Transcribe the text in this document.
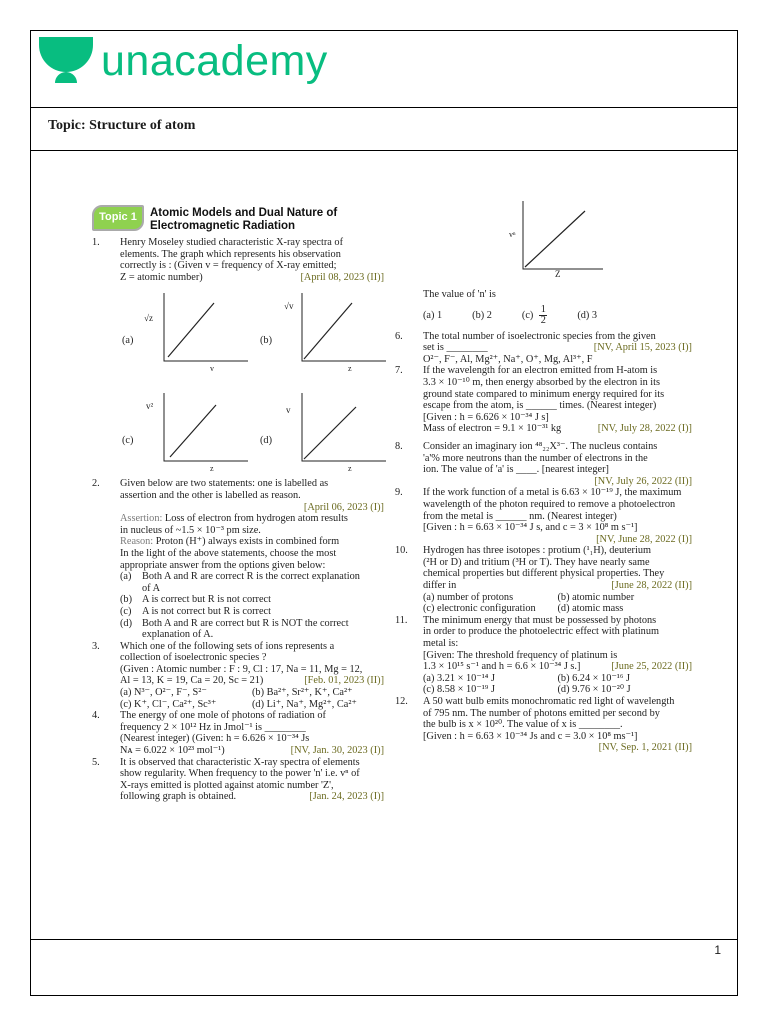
unacademy
Topic: Structure of atom
1
Topic 1	Atomic Models and Dual Nature of
Electromagnetic Radiation
1.	Henry Moseley studied characteristic X-ray spectra of
elements. The graph which represents his observation
correctly is : (Given v = frequency of X-ray emitted;
Z = atomic number)	[April 08, 2023 (II)]
(a)
√z
v
(b)
√v
z
(c)
v²
z
(d)
v
z
2.	Given below are two statements: one is labelled as
assertion and the other is labelled as reason.
[April 06, 2023 (I)]
Assertion: Loss of electron from hydrogen atom results
in nucleus of ~1.5 × 10⁻³ pm size.
Reason: Proton (H⁺) always exists in combined form
In the light of the above statements, choose the most
appropriate answer from the options given below:
(a)	Both A and R are correct R is the correct explanation
of A
(b) A is correct but R is not correct
(c)	A is not correct but R is correct
(d) Both A and R are correct but R is NOT the correct
explanation of A.
3.	Which one of the following sets of ions represents a
collection of isoelectronic species ?
(Given : Atomic number : F : 9, Cl : 17, Na = 11, Mg = 12,
Al = 13, K = 19, Ca = 20, Sc = 21)	[Feb. 01, 2023 (II)]
(a) N³⁻, O²⁻, F⁻, S²⁻	(b) Ba²⁺, Sr²⁺, K⁺, Ca²⁺
(c) K⁺, Cl⁻, Ca²⁺, Sc³⁺	(d) Li⁺, Na⁺, Mg²⁺, Ca²⁺
4.	The energy of one mole of photons of radiation of
frequency 2 × 10¹² Hz in Jmol⁻¹ is ________
(Nearest integer) (Given: h = 6.626 × 10⁻³⁴ Js
Nᴀ = 6.022 × 10²³ mol⁻¹)	[NV, Jan. 30, 2023 (I)]
5.	It is observed that characteristic X-ray spectra of elements
show regularity. When frequency to the power 'n' i.e. vⁿ of
X-rays emitted is plotted against atomic number 'Z',
following graph is obtained.	[Jan. 24, 2023 (I)]
vⁿ
Z
The value of 'n' is
(a) 1	(b) 2	(c)
1
2	(d) 3
6.	The total number of isoelectronic species from the given
set is ________	[NV, April 15, 2023 (I)]
O²⁻, F⁻, Al, Mg²⁺, Na⁺, O⁺, Mg, Al³⁺, F
7.	If the wavelength for an electron emitted from H-atom is
3.3 × 10⁻¹⁰ m, then energy absorbed by the electron in its
ground state compared to minimum energy required for its
escape from the atom, is ______ times. (Nearest integer)
[Given : h = 6.626 × 10⁻³⁴ J s]
Mass of electron = 9.1 × 10⁻³¹ kg	[NV, July 28, 2022 (I)]
8.	Consider an imaginary ion ⁴⁸₂₂X³⁻. The nucleus contains
'a'% more neutrons than the number of electrons in the
ion. The value of 'a' is ____. [nearest integer]
[NV, July 26, 2022 (II)]
9.	If the work function of a metal is 6.63 × 10⁻¹⁹ J, the maximum
wavelength of the photon required to remove a photoelectron
from the metal is ______ nm. (Nearest integer)
[Given : h = 6.63 × 10⁻³⁴ J s, and c = 3 × 10⁸ m s⁻¹]
[NV, June 28, 2022 (I)]
10.	Hydrogen has three isotopes : protium (¹₁H), deuterium
(²H or D) and tritium (³H or T). They have nearly same
chemical properties but different physical properties. They
differ in	[June 28, 2022 (II)]
(a) number of protons	(b) atomic number
(c) electronic configuration	(d) atomic mass
11.	The minimum energy that must be possessed by photons
in order to produce the photoelectric effect with platinum
metal is:
[Given: The threshold frequency of platinum is
1.3 × 10¹⁵ s⁻¹ and h = 6.6 × 10⁻³⁴ J s.]	[June 25, 2022 (II)]
(a) 3.21 × 10⁻¹⁴ J	(b) 6.24 × 10⁻¹⁶ J
(c) 8.58 × 10⁻¹⁹ J	(d) 9.76 × 10⁻²⁰ J
12.	A 50 watt bulb emits monochromatic red light of wavelength
of 795 nm. The number of photons emitted per second by
the bulb is x × 10²⁰. The value of x is ________.
[Given : h = 6.63 × 10⁻³⁴ Js and c = 3.0 × 10⁸ ms⁻¹]
[NV, Sep. 1, 2021 (II)]
